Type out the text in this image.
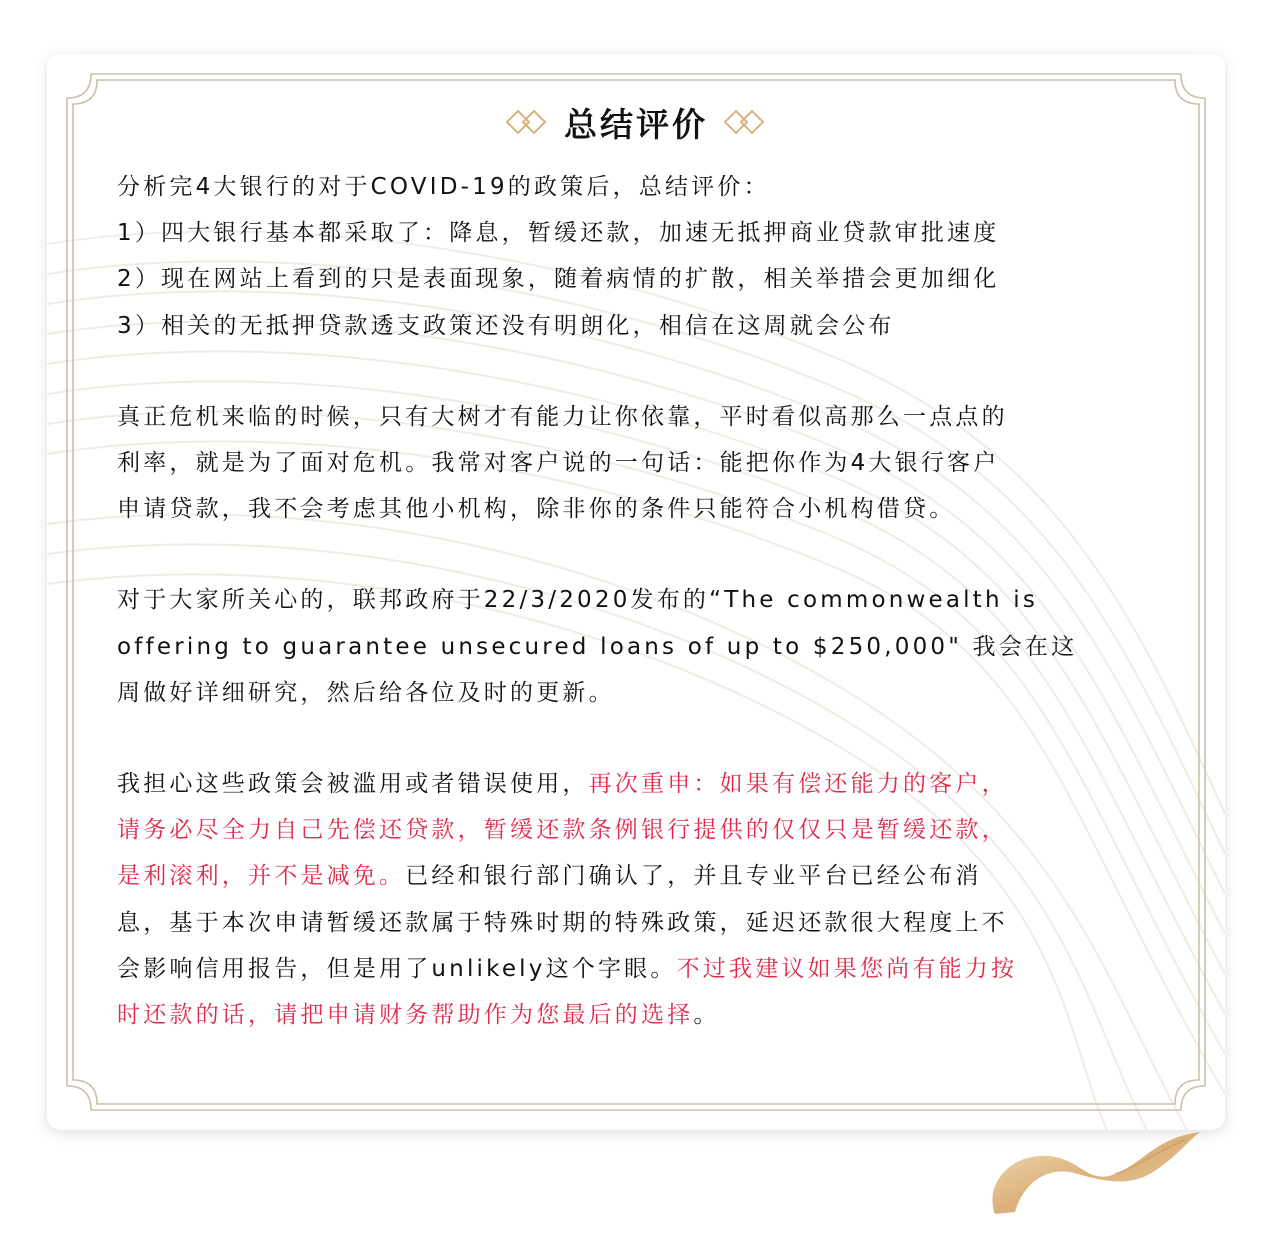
总结评价

分析完4大银行的对于COVID-19的政策后，总结评价：
1）四大银行基本都采取了：降息，暂缓还款，加速无抵押商业贷款审批速度
2）现在网站上看到的只是表面现象，随着病情的扩散，相关举措会更加细化
3）相关的无抵押贷款透支政策还没有明朗化，相信在这周就会公布

真正危机来临的时候，只有大树才有能力让你依靠，平时看似高那么一点点的
利率，就是为了面对危机。我常对客户说的一句话：能把你作为4大银行客户
申请贷款，我不会考虑其他小机构，除非你的条件只能符合小机构借贷。

对于大家所关心的，联邦政府于22/3/2020发布的“The commonwealth is
offering to guarantee unsecured loans of up to $250,000" 我会在这
周做好详细研究，然后给各位及时的更新。

我担心这些政策会被滥用或者错误使用，再次重申：如果有偿还能力的客户，
请务必尽全力自己先偿还贷款，暂缓还款条例银行提供的仅仅只是暂缓还款，
是利滚利，并不是减免。已经和银行部门确认了，并且专业平台已经公布消
息，基于本次申请暂缓还款属于特殊时期的特殊政策，延迟还款很大程度上不
会影响信用报告，但是用了unlikely这个字眼。不过我建议如果您尚有能力按
时还款的话，请把申请财务帮助作为您最后的选择。
